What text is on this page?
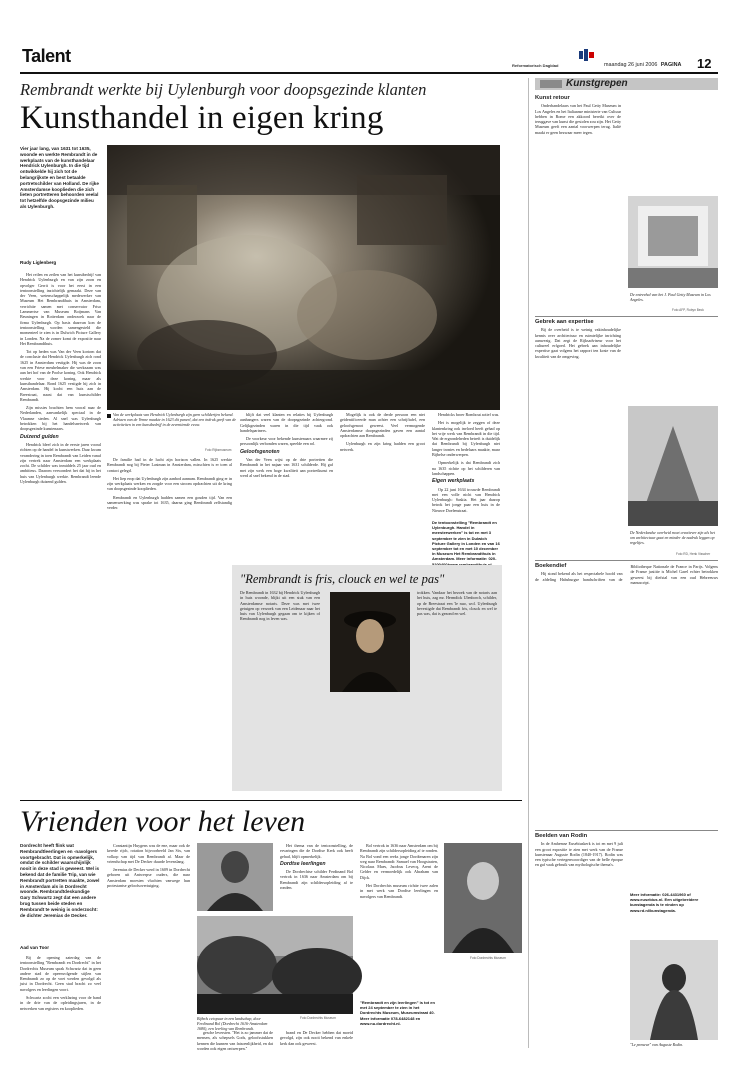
Talent	Reformatorisch Dagblad	maandag 26 juni 2006 PAGINA 12
Rembrandt werkte bij Uylenburgh voor doopsgezinde klanten
Kunsthandel in eigen kring
Vier jaar lang, van 1631 tot 1635, woonde en werkte Rembrandt in de werkplaats van de kunsthandelaar Hendrick Uylenburgh. In die tijd ontwikkelde hij zich tot de belangrijkste en best betaalde portretschilder van Holland. De rijke Amsterdamse kooplieden die zich lieten portretteren behoorden veelal tot hetzelfde doopsgezinde milieu als Uylenburgh.
Rudy Liglenberg

Het reilen en zeilen van het kunstbedrijf van Hendrick Uylenburgh en van zijn zoon en opvolger Gerrit is voor het eerst in een tentoonstelling inzichtelijk gemaakt. Deze van der Veen, wetenschappelijk medewerker van Museum Het Rembrandthuis in Amsterdam, verrichtte samen met conservator Friso Lammertse van Museum Boijmans Van Beuningen in Rotterdam onderzoek naar de firma Uylenburgh. Op basis daarvan kon de tentoonstelling worden samengesteld die momenteel te zien is in Dulwich Picture Gallery in Londen. Na de zomer komt de expositie naar Het Rembrandthuis.

Tot op heden was Van der Veen kortom dat de conclusie dat Hendrick Uylenburgh zich rond 1625 in Amsterdam vestigde. Hij was de zoon van een Friese meubelmaker die werkzaam was aan het hof van de Poolse koning. Ook Hendrick werkte voor deze koning, maar als kunsthandelaar. Rond 1625 vestigde hij zich in Amsterdam. Hij kocht een huis aan de Breestraat, naast dat van kunstschilder Rembrandt.

Zijn missies brachten hem vooral naar de Nederlanden, aanvankelijk speciaal in de Vlaamse steden. Al snel was Uylenburgh betrokken bij het handelsnetwerk van doopsgezinde kunstenaars.

Duizend gulden

Hendrick bleef zich in de eerste jaren vooral richten op de handel in kunstwerken. Daar kwam verandering in toen Rembrandt van Leiden vanaf zijn vertrek naar Amsterdam een werkplaats zocht. De schilder was inmiddels 25 jaar oud en ambitieus. Daarom verwondert het dat hij in het huis van Uylenburgh werkte. Rembrandt leende Uylenburgh duizend gulden.

Van de werkplaats van Hendrick Uylenburgh zijn geen schilderijen bekend. Adriaen van de Venne maakte in 1623 dit paneel, dat een indruk geeft van de activiteiten in een kunstbedrijf in de zeventiende eeuw.
Foto Rijksmuseum

De familie had in de lucht zijn horizon vallen. In 1625 werkte Rembrandt nog bij Pieter Lastman in Amsterdam, misschien is er toen al contact gelegd.

Het liep erop dat Uylenburgh zijn aanbod aannam. Rembrandt ging er in zijn werkplaats werken en zorgde voor een stroom opdrachten uit de kring van doopsgezinde kooplieden.

Rembrandt en Uylenburgh hadden samen een gouden tijd. Van een samenwerking was sprake tot 1635, daarna ging Rembrandt zelfstandig verder.

blijft dat veel klanten en relaties bij Uylenburgh aanhangers waren van de doopsgezinde achtergrond. Gelijkgezinden waren in die tijd vaak ook handelspartners.

De voorkeur voor bekende kunstenaars waarmee zij persoonlijk verbonden waren, speelde een rol.

Geloofsgenoten

Van der Veen wijst op de drie portretten die Rembrandt in het najaar van 1631 schilderde. Hij gaf met zijn werk een hoge kwaliteit aan portretkunst en werd al snel bekend in de stad.

Mogelijk is ook de derde persoon een niet geïdentificeerde man achter een schrijftafel, een geloofsgenoot geweest. Veel vermogende Amsterdamse doopsgezinden gaven een aantal opdrachten aan Rembrandt.

Uylenburgh en zijn kring hadden een groot netwerk.

Hendricks broer Rombout actief was.

Het is mogelijk te zeggen of deze klantenkring ook invloed heeft gehad op het vrije werk van Rembrandt in die tijd. Wat de ergrondeheden betreft is duidelijk dat Rembrandt bij Uylenburgh niet langer tronies en bedelaars maakte, maar Bijbelse onderwerpen.

Opmerkelijk is dat Rembrandt zich na 1635 richtte op het schilderen van landschappen.

Eigen werkplaats

Op 22 juni 1634 trouwde Rembrandt met een volle nicht van Hendrick Uylenburgh: Saskia. Het jaar daarop betrok het jonge paar een huis in de Nieuwe Doelenstraat.

De tentoonstelling "Rembrandt en Uylenburgh. Handel in meesterwerken" is tot en met 3 september te zien in Dulwich Picture Gallery in Londen en van 16 september tot en met 10 december in Museum Het Rembrandthuis in Amsterdam. Meer informatie: 020-
"Rembrandt is fris, clouck en wel te pas"
De Rembrandt in 1632 bij Hendrick Uylenburgh in huis woonde, blijkt uit een stuk van een Amsterdamse notaris. Deze was met twee getuigen op verzoek van een Leidenaar naar het huis van Uylenburgh gegaan om te kijken of Rembrandt nog in leven was.
trokken. Vandaar het bezoek van de notaris aan het huis, zag mr. Hermdick Ulenborch, schilder, op de Breestraat een 'le nuo, wol. Uylenburgh bevestigde dat Rembrandt fris, clouck en wel te pas was, dat is gezond en wel.
Kunstgrepen
Kunst retour

Onderhandelaars van het Paul Getty Museum in Los Angeles en het Italiaanse ministerie van Cultuur hebben in Rome een akkoord bereikt over de teruggave van kunst die gestolen zou zijn. Het Getty Museum geeft een aantal voorwerpen terug. Italië maakt er geen bezwaar meer tegen.

De entreehal van het J. Paul Getty Museum in Los Angeles.
Foto AFP, Robyn Beck
Gebrek aan expertise

Bij de overheid is te weinig vakinhoudelijke kennis over architectuur en ruimtelijke inrichting aanwezig. Dat zegt de Rijksadviseur voor het cultureel erfgoed. Het gebrek aan inhoudelijke expertise gaat volgens het rapport ten koste van de kwaliteit van de omgeving.

De Nederlandse overheid moet creatiever zijn als het om architectuur gaat en minder de nadruk leggen op regeltjes.
Foto RD, Henk Visscher
Boekendief

Hij stond bekend als het respectabele hoofd van de afdeling Habsburgse handschriften van de Bibliotheque Nationale de France in Parijs. Volgens de Franse justitie is Michel Garel echter betrokken geweest bij diefstal van een oud Hebreeuws manuscript.

Beelden van Rodin

In de Amhemse Eusebiuskerk is tot en met 9 juli een groot expositie te zien met werk van de Franse kunstenaar Auguste Rodin (1840-1917). Rodin was een typische vertegenwoordiger van de belle époque en gaf vaak gebruik van mythologische thema's.

Meer informatie: 026-4431960 of www.eusebius.nl. Een uitgebreidere kunstagenda is te vinden op www.rd.nl/kunstagenda.
"Le penseur" van Auguste Rodin.
Vrienden voor het leven
Dordrecht heeft flink wat Rembrandtleerlingen en -navolgers voortgebracht. Dat is opmerkelijk, omdat de schilder waarschijnlijk nooit in deze stad is geweest. Wel is bekend dat de familie Trip, van wie Rembrandt portretten maakte, zowel in Amsterdam als in Dordrecht woonde. Rembrandtdeskundige Gary Schwartz zegt dat een andere brug tussen beide steden en Rembrandt te weinig is onderzocht: de dichter Jeremias de Decker.
Aad van Toor

Bij de opening zaterdag van de tentoonstelling "Rembrandt en Dordrecht" in het Dordrechts Museum sprak Schwartz dat in geen andere stad de opeenvolgende stijlen van Rembrandt zo op de voet werden gevolgd als juist in Dordrecht. Geen stad bracht zo veel navolgers en leerlingen voort.

Schwartz zocht een verklaring voor de band in de drie van de opleidingsjaren, in de netwerken van registers en kooplieden.

Constantijn Huygens was de ene, maar ook de kerede rijch, rotation bijvoorbeeld Jan Six, van volkop van tijd van Rembrandt af. Maar de vriendschap met De Decker duurde levenslang.

Jeremias de Decker werd in 1609 in Dordrecht geboren uit Antwerpse ouders, die naar Amsterdam moesten vluchten vanwege hun protestantse geloofsovertuiging.

Bijbels cetopuur in een landschap, door Ferdinand Bol (Dordrecht 1616-Amsterdam 1680), een leerling van Rembrandt.
Foto Dordrechts Museum

gesche leversten. "Het is zo jammer dat de mensen, als schepsels Gods, geloofsstukken kennen die kunnen van fatsoenlijkheid, en dat worden ook eigen ontwerpen."

brand en De Decker hebben dat moeid gevolgd, zijn ook nooit bekend van enkele kerk dan ook geweest.

Het thema van de tentoonstelling, de ervaringen die de Dordtse Kerk ook heeft gehad, blijft opmerkelijk.

Dordtse leerlingen

De Dordrechtse schilder Ferdinand Bol vertrok in 1636 naar Amsterdam om bij Rembrandt zijn schildersopleiding af te ronden.

Bol vertrok in 1636 naar Amsterdam om bij Rembrandt zijn schildersopleiding af te ronden. Na Bol vond een reeks jonge Dordtenaren zijn weg naar Rembrandt: Samuel van Hoogstraten, Nicolaas Maes, Jacobus Levecq, Arent de Gelder en vermoedelijk ook Abraham van Dijck.

Het Dordrechts museum richtte twee zalen in met werk van Dordtse leerlingen en navolgers van Rembrandt.

"Rembrandt en zijn leerlingen" is tot en met 24 september te zien in het Dordrechts Museum, Museumstraat 40. Meer informatie 078-6482148 en www.nu.dordrecht.nl.
Foto Dordrechts Museum
